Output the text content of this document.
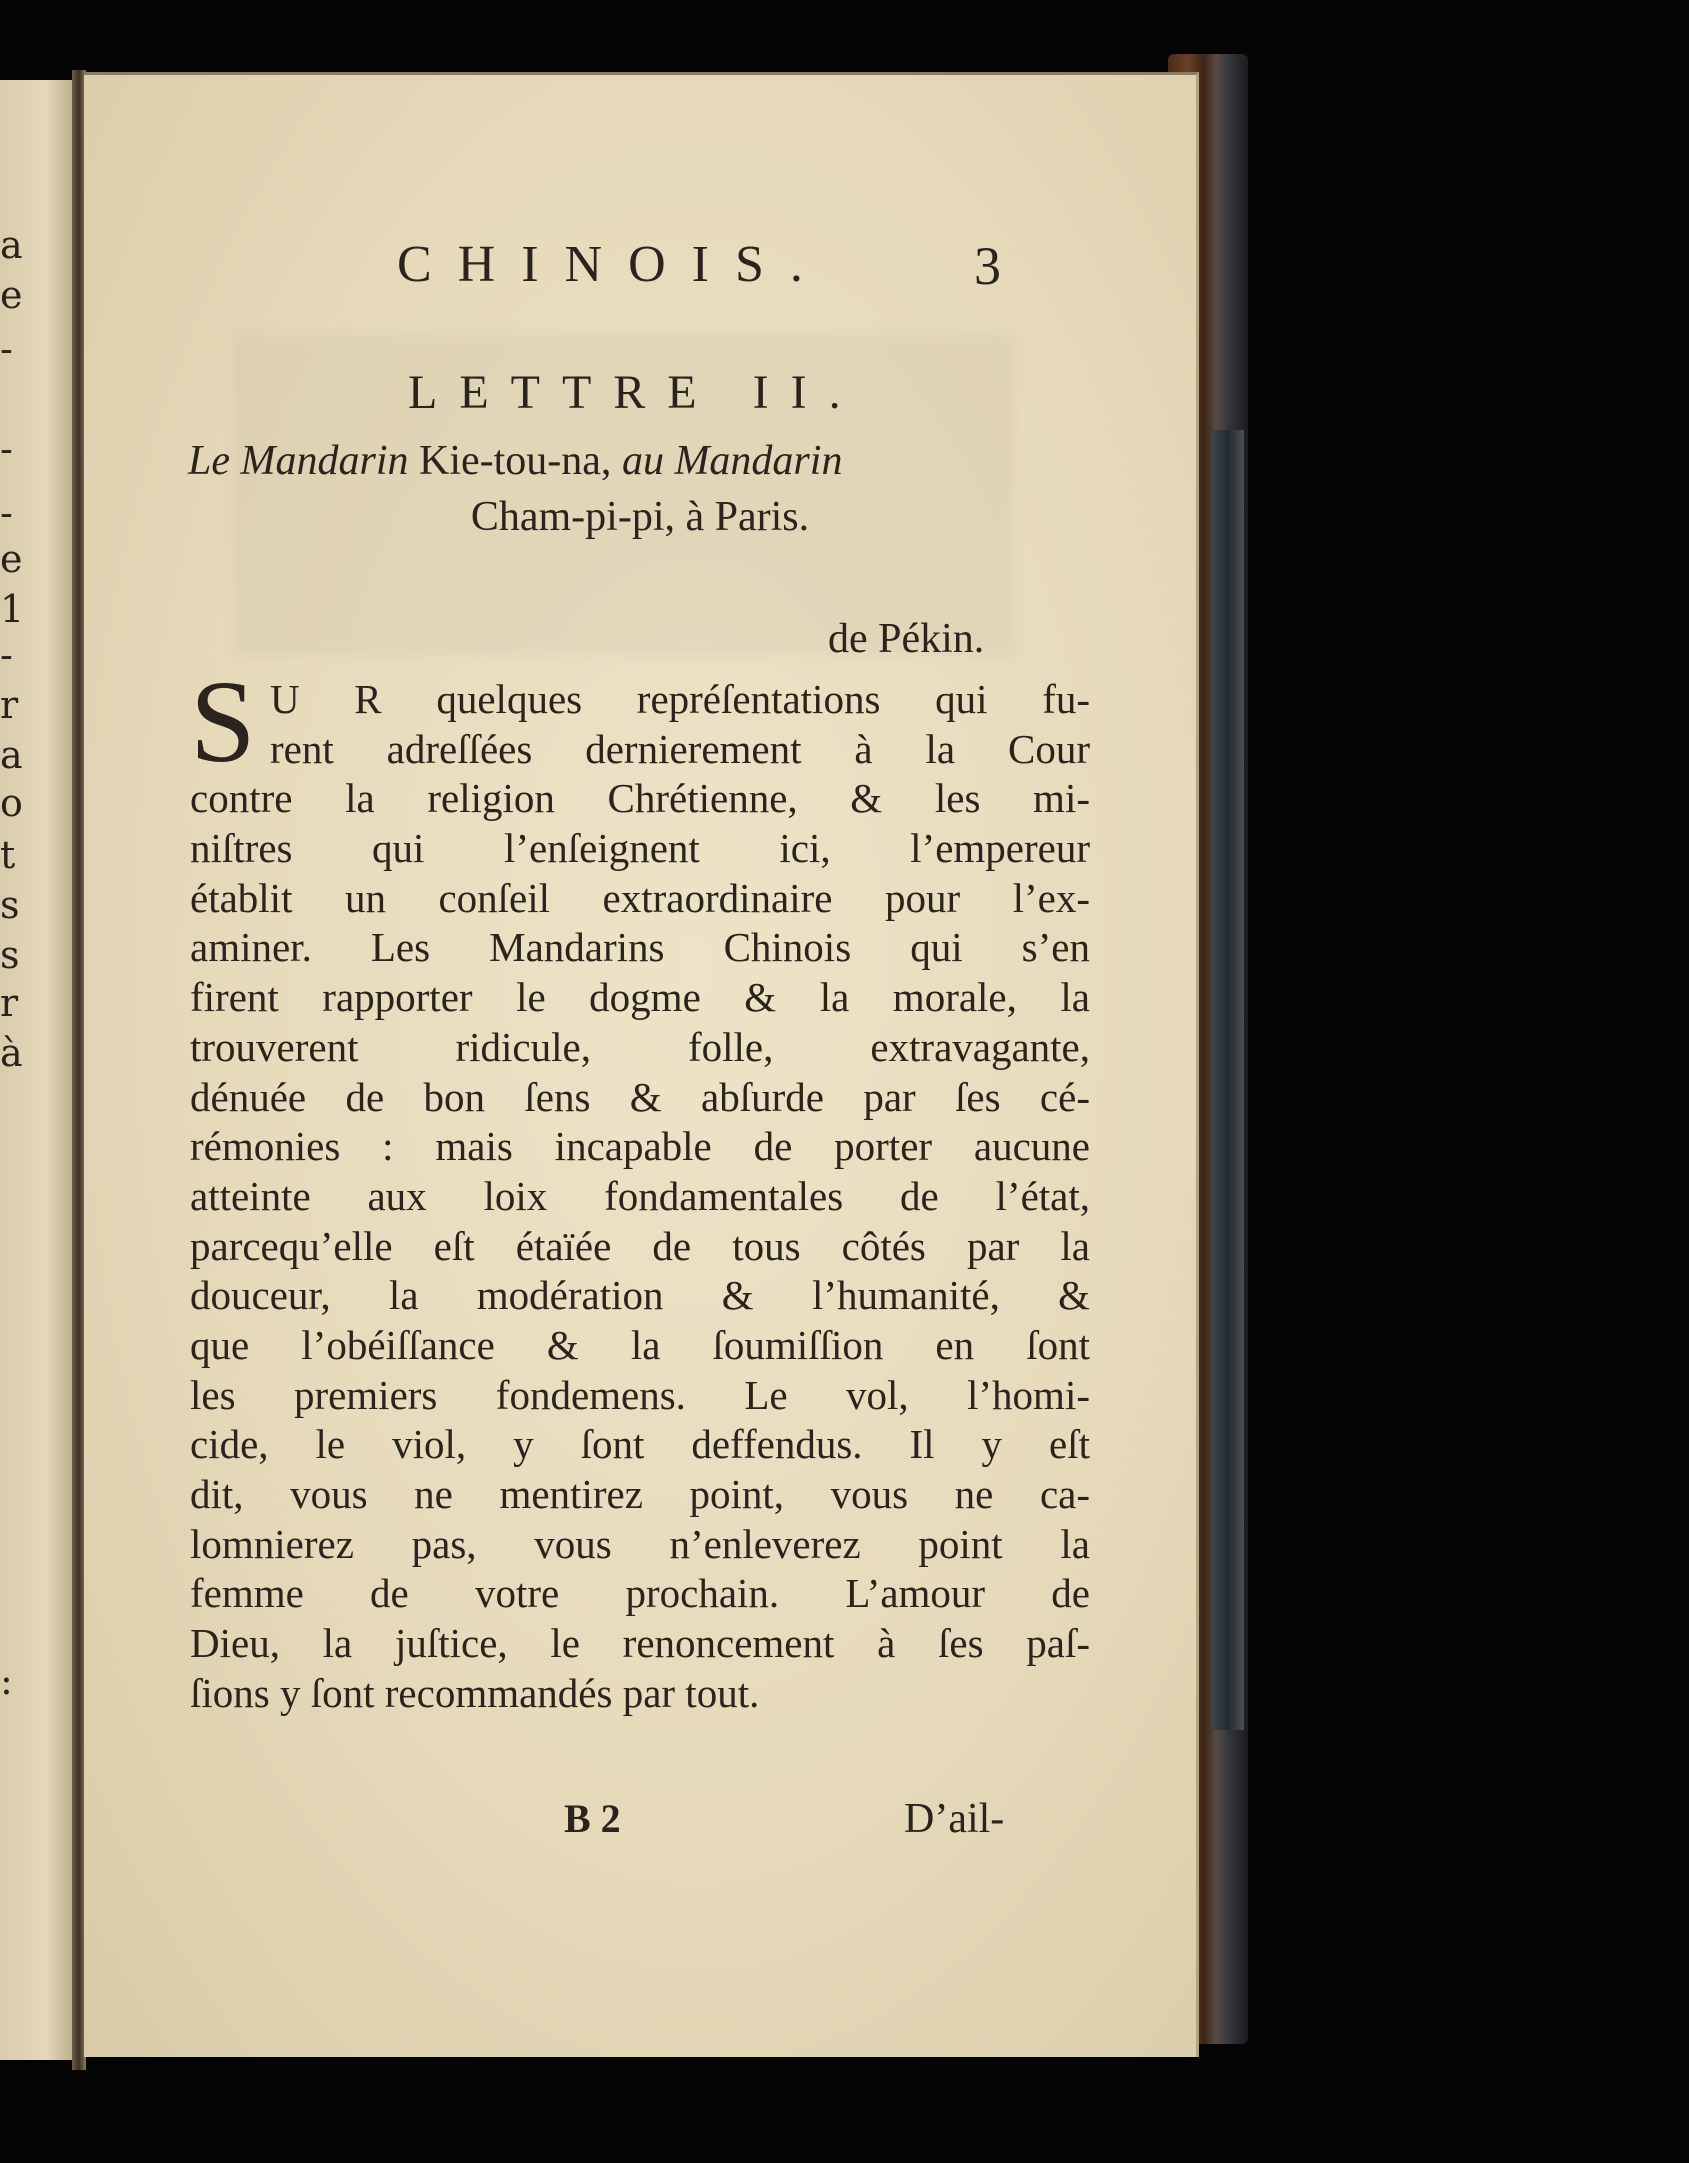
a
e
-
-
-
e
1
-
r
a
o
t
s
s
r
à
:

CHINOIS.	3

LETTRE II.

Le Mandarin Kie-tou-na, au Mandarin

Cham-pi-pi, à Paris.

de Pékin.

S U R quelques repréſentations qui fu-
rent adreſſées dernierement à la Cour
contre la religion Chrétienne, & les mi-
niſtres qui l’enſeignent ici, l’empereur
établit un conſeil extraordinaire pour l’ex-
aminer. Les Mandarins Chinois qui s’en
firent rapporter le dogme & la morale, la
trouverent ridicule, folle, extravagante,
dénuée de bon ſens & abſurde par ſes cé-
rémonies : mais incapable de porter aucune
atteinte aux loix fondamentales de l’état,
parcequ’elle eſt étaïée de tous côtés par la
douceur, la modération & l’humanité, &
que l’obéiſſance & la ſoumiſſion en ſont
les premiers fondemens. Le vol, l’homi-
cide, le viol, y ſont deffendus. Il y eſt
dit, vous ne mentirez point, vous ne ca-
lomnierez pas, vous n’enleverez point la
femme de votre prochain. L’amour de
Dieu, la juſtice, le renoncement à ſes paſ-
ſions y ſont recommandés par tout.

B 2	D’ail-
